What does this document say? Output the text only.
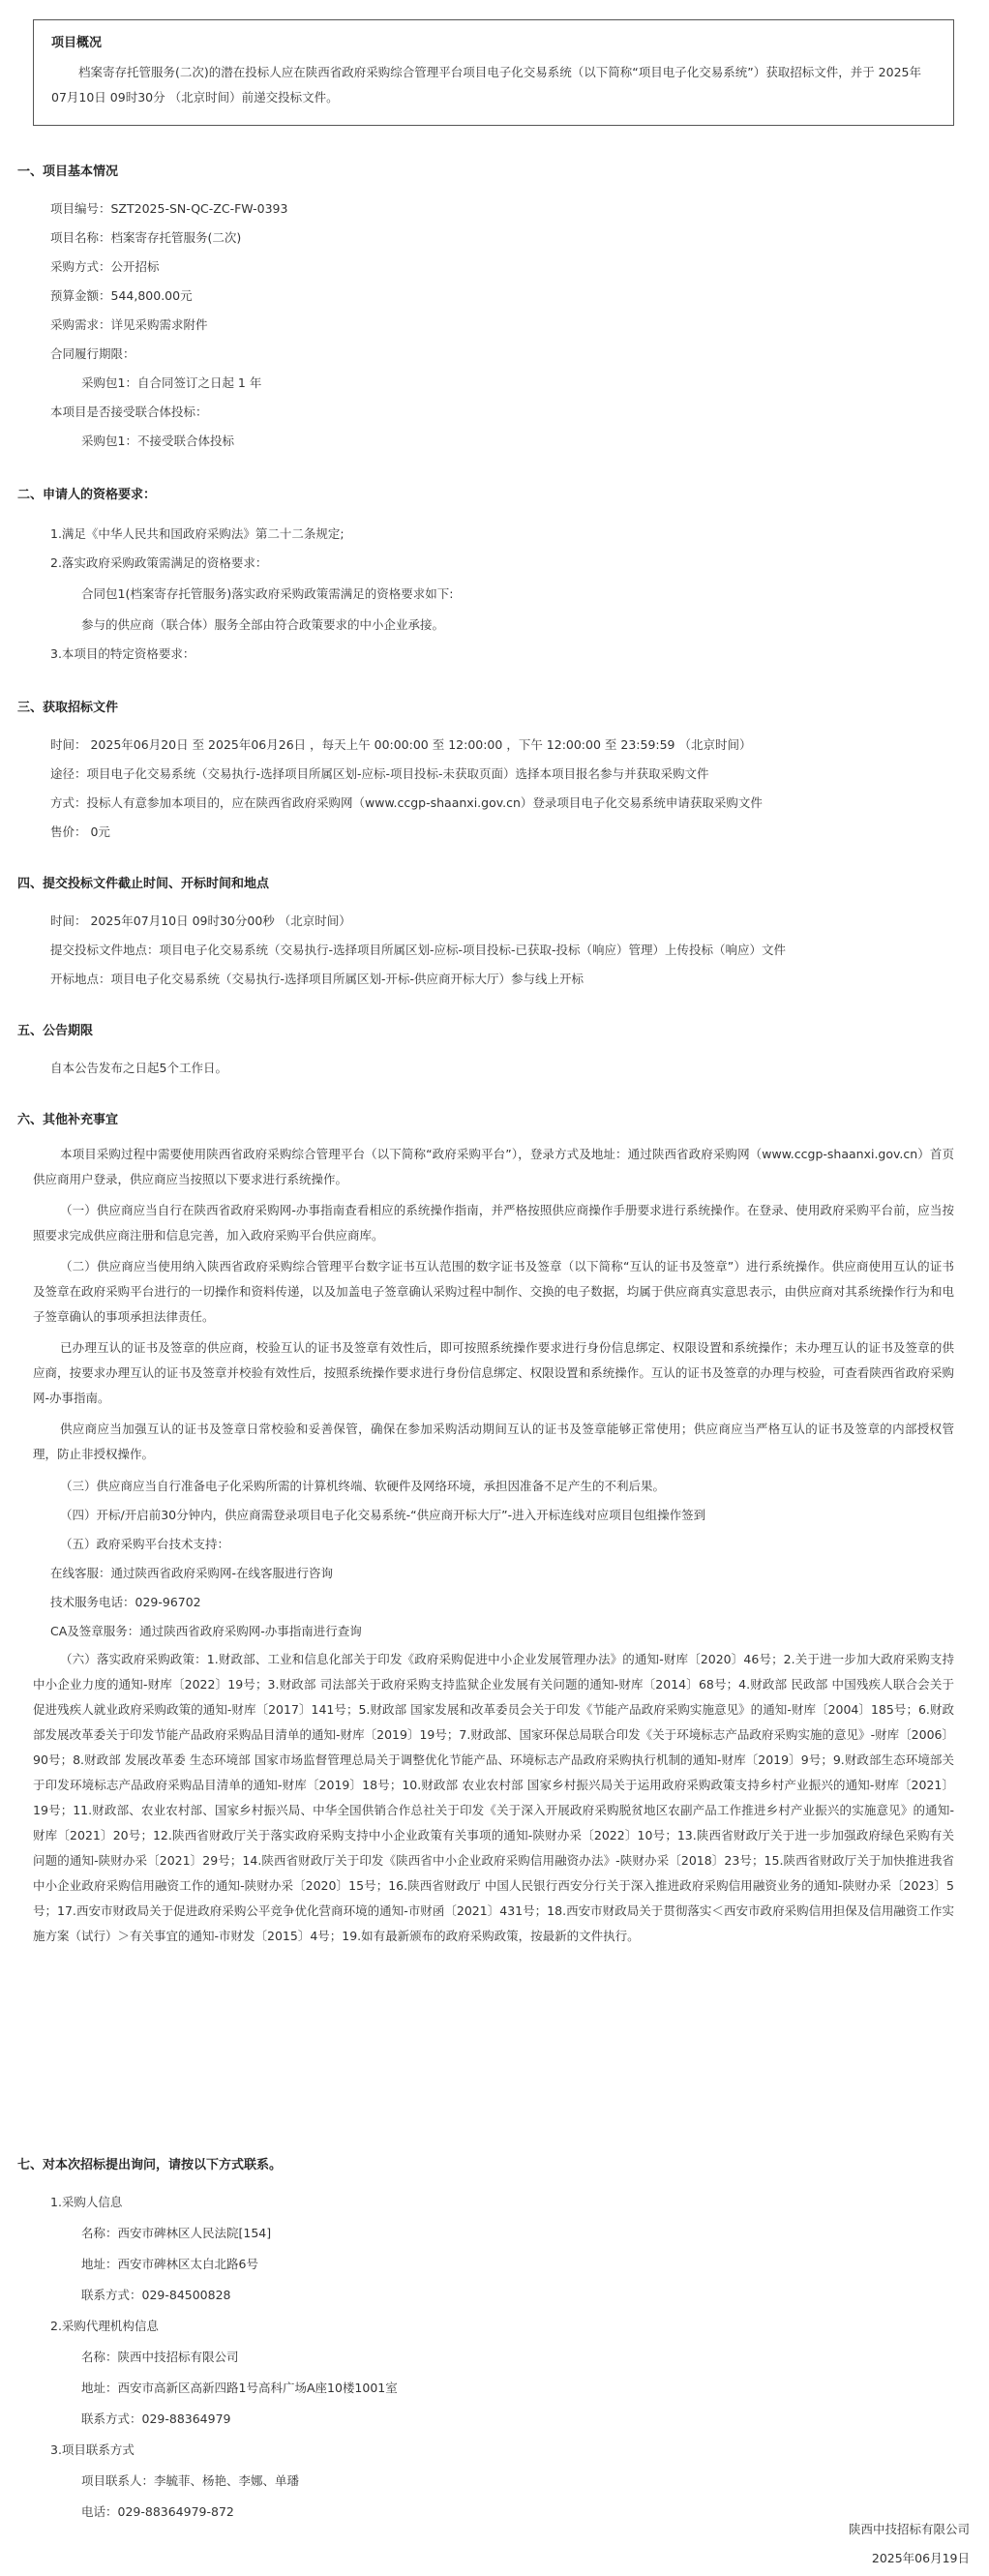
项目概况
档案寄存托管服务(二次)的潜在投标人应在陕西省政府采购综合管理平台项目电子化交易系统（以下简称“项目电子化交易系统”）获取招标文件，并于 2025年07月10日 09时30分 （北京时间）前递交投标文件。
一、项目基本情况
项目编号：SZT2025-SN-QC-ZC-FW-0393
项目名称：档案寄存托管服务(二次)
采购方式：公开招标
预算金额：544,800.00元
采购需求：详见采购需求附件
合同履行期限：
采购包1：自合同签订之日起 1 年
本项目是否接受联合体投标：
采购包1：不接受联合体投标
二、申请人的资格要求：
1.满足《中华人民共和国政府采购法》第二十二条规定;
2.落实政府采购政策需满足的资格要求：
合同包1(档案寄存托管服务)落实政府采购政策需满足的资格要求如下:
参与的供应商（联合体）服务全部由符合政策要求的中小企业承接。
3.本项目的特定资格要求：
三、获取招标文件
时间： 2025年06月20日 至 2025年06月26日 ，每天上午 00:00:00 至 12:00:00 ，下午 12:00:00 至 23:59:59 （北京时间）
途径：项目电子化交易系统（交易执行-选择项目所属区划-应标-项目投标-未获取页面）选择本项目报名参与并获取采购文件
方式：投标人有意参加本项目的，应在陕西省政府采购网（www.ccgp-shaanxi.gov.cn）登录项目电子化交易系统申请获取采购文件
售价： 0元
四、提交投标文件截止时间、开标时间和地点
时间： 2025年07月10日 09时30分00秒 （北京时间）
提交投标文件地点：项目电子化交易系统（交易执行-选择项目所属区划-应标-项目投标-已获取-投标（响应）管理）上传投标（响应）文件
开标地点：项目电子化交易系统（交易执行-选择项目所属区划-开标-供应商开标大厅）参与线上开标
五、公告期限
自本公告发布之日起5个工作日。
六、其他补充事宜
本项目采购过程中需要使用陕西省政府采购综合管理平台（以下简称“政府采购平台”），登录方式及地址：通过陕西省政府采购网（www.ccgp-shaanxi.gov.cn）首页供应商用户登录，供应商应当按照以下要求进行系统操作。
（一）供应商应当自行在陕西省政府采购网-办事指南查看相应的系统操作指南，并严格按照供应商操作手册要求进行系统操作。在登录、使用政府采购平台前，应当按照要求完成供应商注册和信息完善，加入政府采购平台供应商库。
（二）供应商应当使用纳入陕西省政府采购综合管理平台数字证书互认范围的数字证书及签章（以下简称“互认的证书及签章”）进行系统操作。供应商使用互认的证书及签章在政府采购平台进行的一切操作和资料传递，以及加盖电子签章确认采购过程中制作、交换的电子数据，均属于供应商真实意思表示，由供应商对其系统操作行为和电子签章确认的事项承担法律责任。
已办理互认的证书及签章的供应商，校验互认的证书及签章有效性后，即可按照系统操作要求进行身份信息绑定、权限设置和系统操作；未办理互认的证书及签章的供应商，按要求办理互认的证书及签章并校验有效性后，按照系统操作要求进行身份信息绑定、权限设置和系统操作。互认的证书及签章的办理与校验，可查看陕西省政府采购网-办事指南。
供应商应当加强互认的证书及签章日常校验和妥善保管，确保在参加采购活动期间互认的证书及签章能够正常使用；供应商应当严格互认的证书及签章的内部授权管理，防止非授权操作。
（三）供应商应当自行准备电子化采购所需的计算机终端、软硬件及网络环境，承担因准备不足产生的不利后果。
（四）开标/开启前30分钟内，供应商需登录项目电子化交易系统-“供应商开标大厅”-进入开标连线对应项目包组操作签到
（五）政府采购平台技术支持：
在线客服：通过陕西省政府采购网-在线客服进行咨询
技术服务电话：029-96702
CA及签章服务：通过陕西省政府采购网-办事指南进行查询
（六）落实政府采购政策：1.财政部、工业和信息化部关于印发《政府采购促进中小企业发展管理办法》的通知-财库〔2020〕46号；2.关于进一步加大政府采购支持中小企业力度的通知-财库〔2022〕19号；3.财政部 司法部关于政府采购支持监狱企业发展有关问题的通知-财库〔2014〕68号；4.财政部 民政部 中国残疾人联合会关于促进残疾人就业政府采购政策的通知-财库〔2017〕141号；5.财政部 国家发展和改革委员会关于印发《节能产品政府采购实施意见》的通知-财库〔2004〕185号；6.财政部发展改革委关于印发节能产品政府采购品目清单的通知-财库〔2019〕19号；7.财政部、国家环保总局联合印发《关于环境标志产品政府采购实施的意见》-财库〔2006〕90号；8.财政部 发展改革委 生态环境部 国家市场监督管理总局关于调整优化节能产品、环境标志产品政府采购执行机制的通知-财库〔2019〕9号；9.财政部生态环境部关于印发环境标志产品政府采购品目清单的通知-财库〔2019〕18号；10.财政部 农业农村部 国家乡村振兴局关于运用政府采购政策支持乡村产业振兴的通知-财库〔2021〕19号；11.财政部、农业农村部、国家乡村振兴局、中华全国供销合作总社关于印发《关于深入开展政府采购脱贫地区农副产品工作推进乡村产业振兴的实施意见》的通知-财库〔2021〕20号；12.陕西省财政厅关于落实政府采购支持中小企业政策有关事项的通知-陕财办采〔2022〕10号；13.陕西省财政厅关于进一步加强政府绿色采购有关问题的通知-陕财办采〔2021〕29号；14.陕西省财政厅关于印发《陕西省中小企业政府采购信用融资办法》-陕财办采〔2018〕23号；15.陕西省财政厅关于加快推进我省中小企业政府采购信用融资工作的通知-陕财办采〔2020〕15号；16.陕西省财政厅 中国人民银行西安分行关于深入推进政府采购信用融资业务的通知-陕财办采〔2023〕5号；17.西安市财政局关于促进政府采购公平竞争优化营商环境的通知-市财函〔2021〕431号；18.西安市财政局关于贯彻落实＜西安市政府采购信用担保及信用融资工作实施方案（试行）＞有关事宜的通知-市财发〔2015〕4号；19.如有最新颁布的政府采购政策，按最新的文件执行。
七、对本次招标提出询问，请按以下方式联系。
1.采购人信息
名称：西安市碑林区人民法院[154]
地址：西安市碑林区太白北路6号
联系方式：029-84500828
2.采购代理机构信息
名称：陕西中技招标有限公司
地址：西安市高新区高新四路1号高科广场A座10楼1001室
联系方式：029-88364979
3.项目联系方式
项目联系人：李毓菲、杨艳、李娜、单璠
电话：029-88364979-872
陕西中技招标有限公司
2025年06月19日
